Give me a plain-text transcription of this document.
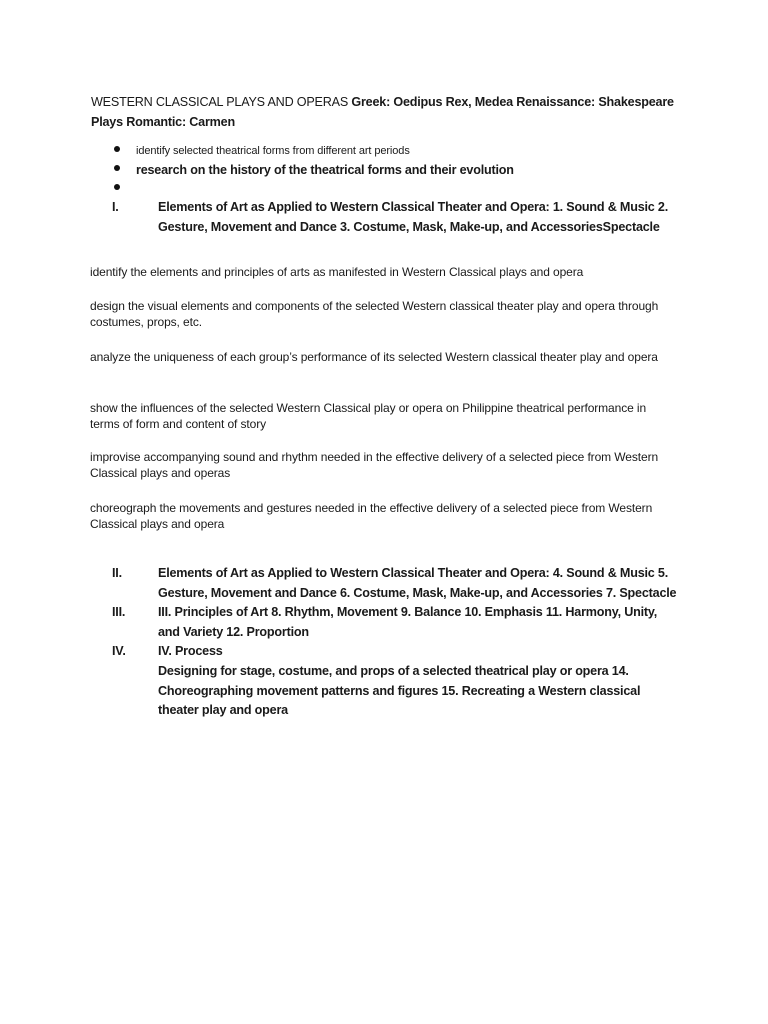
WESTERN CLASSICAL PLAYS AND OPERAS Greek: Oedipus Rex, Medea Renaissance: Shakespeare Plays Romantic: Carmen
identify selected theatrical forms from different art periods
research on the history of the theatrical forms and their evolution
I.	Elements of Art as Applied to Western Classical Theater and Opera: 1. Sound & Music 2. Gesture, Movement and Dance 3. Costume, Mask, Make-up, and AccessoriesSpectacle
identify the elements and principles of arts as manifested in Western Classical plays and opera
design the visual elements and components of the selected Western classical theater play and opera through costumes, props, etc.
analyze the uniqueness of each group’s performance of its selected Western classical theater play and opera
show the influences of the selected Western Classical play or opera on Philippine theatrical performance in terms of form and content of story
improvise accompanying sound and rhythm needed in the effective delivery of a selected piece from Western Classical plays and operas
choreograph the movements and gestures needed in the effective delivery of a selected piece from Western Classical plays and opera
II.	Elements of Art as Applied to Western Classical Theater and Opera: 4. Sound & Music 5. Gesture, Movement and Dance 6. Costume, Mask, Make-up, and Accessories 7. Spectacle
III.	III. Principles of Art 8. Rhythm, Movement 9. Balance 10. Emphasis 11. Harmony, Unity, and Variety 12. Proportion
IV.	IV. Process
Designing for stage, costume, and props of a selected theatrical play or opera 14. Choreographing movement patterns and figures 15. Recreating a Western classical theater play and opera
